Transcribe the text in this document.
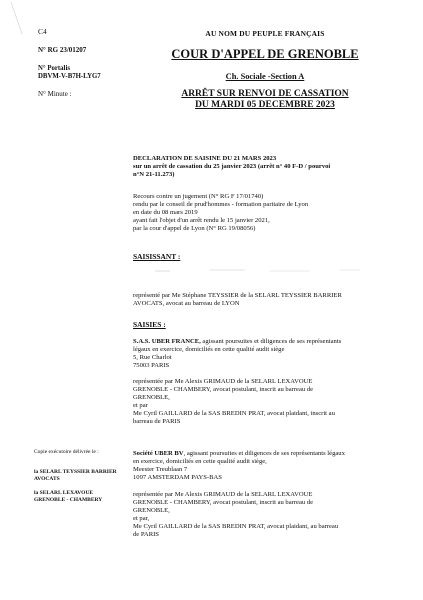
C4
N° RG 23/01207
N° Portalis
DBVM-V-B7H-LYG7
N° Minute :
AU NOM DU PEUPLE FRANÇAIS
COUR D'APPEL DE GRENOBLE
Ch. Sociale -Section A
ARRÊT SUR RENVOI DE CASSATION
DU MARDI 05 DECEMBRE 2023
DECLARATION DE SAISINE DU 21 MARS 2023
sur un arrêt de cassation du 25 janvier 2023 (arrêt n° 40 F-D / pourvoi
n°N 21-11.273)
Recours contre un jugement (N° RG F 17/01740)
rendu par le conseil de prud'hommes - formation paritaire de Lyon
en date du 08 mars 2019
ayant fait l'objet d'un arrêt rendu le 15 janvier 2021,
par la cour d'appel de Lyon (N° RG 19/08056)
SAISISSANT :
représenté par Me Stéphane TEYSSIER de la SELARL TEYSSIER BARRIER
AVOCATS, avocat au barreau de LYON
SAISIES :
S.A.S. UBER FRANCE, agissant poursuites et diligences de ses représentants
légaux en exercice, domiciliés en cette qualité audit siège
5, Rue Charlot
75003 PARIS
représentée par Me Alexis GRIMAUD de la SELARL LEXAVOUE
GRENOBLE - CHAMBERY, avocat postulant, inscrit au barreau de
GRENOBLE,
et par
Me Cyril GAILLARD de la SAS BREDIN PRAT, avocat plaidant, inscrit au
barreau de PARIS
Copie exécutoire délivrée le :
la SELARL TEYSSIER BARRIER
AVOCATS
la SELARL LEXAVOUE
GRENOBLE - CHAMBERY
Société UBER BV, agissant poursuites et diligences de ses représentants légaux
en exercice, domiciliés en cette qualité audit siège,
Meester Treublaan 7
1097 AMSTERDAM PAYS-BAS
représentée par Me Alexis GRIMAUD de la SELARL LEXAVOUE
GRENOBLE - CHAMBERY, avocat postulant, inscrit au barreau de
GRENOBLE,
et par,
Me Cyril GAILLARD de la SAS BREDIN PRAT, avocat plaidant, au barreau
de PARIS
